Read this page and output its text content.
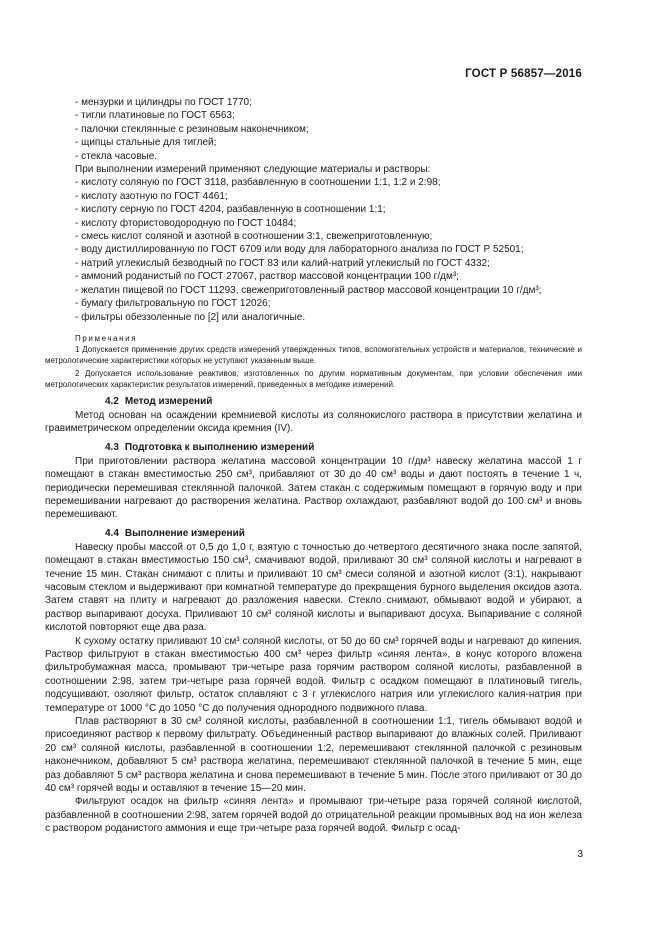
ГОСТ Р 56857—2016

- мензурки и цилиндры по ГОСТ 1770;

- тигли платиновые по ГОСТ 6563;

- палочки стеклянные с резиновым наконечником;

- щипцы стальные для тиглей;

- стекла часовые.

При выполнении измерений применяют следующие материалы и растворы:

- кислоту соляную по ГОСТ 3118, разбавленную в соотношении 1:1, 1:2 и 2:98;

- кислоту азотную по ГОСТ 4461;

- кислоту серную по ГОСТ 4204, разбавленную в соотношении 1:1;

- кислоту фтористоводородную по ГОСТ 10484;

- смесь кислот соляной и азотной в соотношении 3:1, свежеприготовленную;

- воду дистиллированную по ГОСТ 6709 или воду для лабораторного анализа по ГОСТ Р 52501;

- натрий углекислый безводный по ГОСТ 83 или калий-натрий углекислый по ГОСТ 4332;

- аммоний роданистый по ГОСТ 27067, раствор массовой концентрации 100 г/дм³;

- желатин пищевой по ГОСТ 11293, свежеприготовленный раствор массовой концентрации 10 г/дм³;

- бумагу фильтровальную по ГОСТ 12026;

- фильтры обеззоленные по [2] или аналогичные.

Примечания

1 Допускается применение других средств измерений утвержденных типов, вспомогательных устройств и материалов, технические и метрологические характеристики которых не уступают указанным выше.

2 Допускается использование реактивов, изготовленных по другим нормативным документам, при условии обеспечения ими метрологических характеристик результатов измерений, приведенных в методике измерений.

4.2 Метод измерений

Метод основан на осаждении кремниевой кислоты из солянокислого раствора в присутствии желатина и гравиметрическом определении оксида кремния (IV).

4.3 Подготовка к выполнению измерений

При приготовлении раствора желатина массовой концентрации 10 г/дм³ навеску желатина массой 1 г помещают в стакан вместимостью 250 см³, прибавляют от 30 до 40 см³ воды и дают постоять в течение 1 ч, периодически перемешивая стеклянной палочкой. Затем стакан с содержимым помещают в горячую воду и при перемешивании нагревают до растворения желатина. Раствор охлаждают, разбавляют водой до 100 см³ и вновь перемешивают.

4.4 Выполнение измерений

Навеску пробы массой от 0,5 до 1,0 г, взятую с точностью до четвертого десятичного знака после запятой, помещают в стакан вместимостью 150 см³, смачивают водой, приливают 30 см³ соляной кислоты и нагревают в течение 15 мин. Стакан снимают с плиты и приливают 10 см³ смеси соляной и азотной кислот (3:1), накрывают часовым стеклом и выдерживают при комнатной температуре до прекращения бурного выделения оксидов азота. Затем ставят на плиту и нагревают до разложения навески. Стекло снимают, обмывают водой и убирают, а раствор выпаривают досуха. Приливают 10 см³ соляной кислоты и выпаривают досуха. Выпаривание с соляной кислотой повторяют еще два раза.

К сухому остатку приливают 10 см³ соляной кислоты, от 50 до 60 см³ горячей воды и нагревают до кипения. Раствор фильтруют в стакан вместимостью 400 см³ через фильтр «синяя лента», в конус которого вложена фильтробумажная масса, промывают три-четыре раза горячим раствором соляной кислоты, разбавленной в соотношении 2:98, затем три-четыре раза горячей водой. Фильтр с осадком помещают в платиновый тигель, подсушивают, озоляют фильтр, остаток сплавляют с 3 г углекислого натрия или углекислого калия-натрия при температуре от 1000 °С до 1050 °С до получения однородного подвижного плава.

Плав растворяют в 30 см³ соляной кислоты, разбавленной в соотношении 1:1, тигель обмывают водой и присоединяют раствор к первому фильтрату. Объединенный раствор выпаривают до влажных солей. Приливают 20 см³ соляной кислоты, разбавленной в соотношении 1:2, перемешивают стеклянной палочкой с резиновым наконечником, добавляют 5 см³ раствора желатина, перемешивают стеклянной палочкой в течение 5 мин, еще раз добавляют 5 см³ раствора желатина и снова перемешивают в течение 5 мин. После этого приливают от 30 до 40 см³ горячей воды и оставляют в течение 15—20 мин.

Фильтруют осадок на фильтр «синяя лента» и промывают три-четыре раза горячей соляной кислотой, разбавленной в соотношении 2:98, затем горячей водой до отрицательной реакции промывных вод на ион железа с раствором роданистого аммония и еще три-четыре раза горячей водой. Фильтр с осад-

3
